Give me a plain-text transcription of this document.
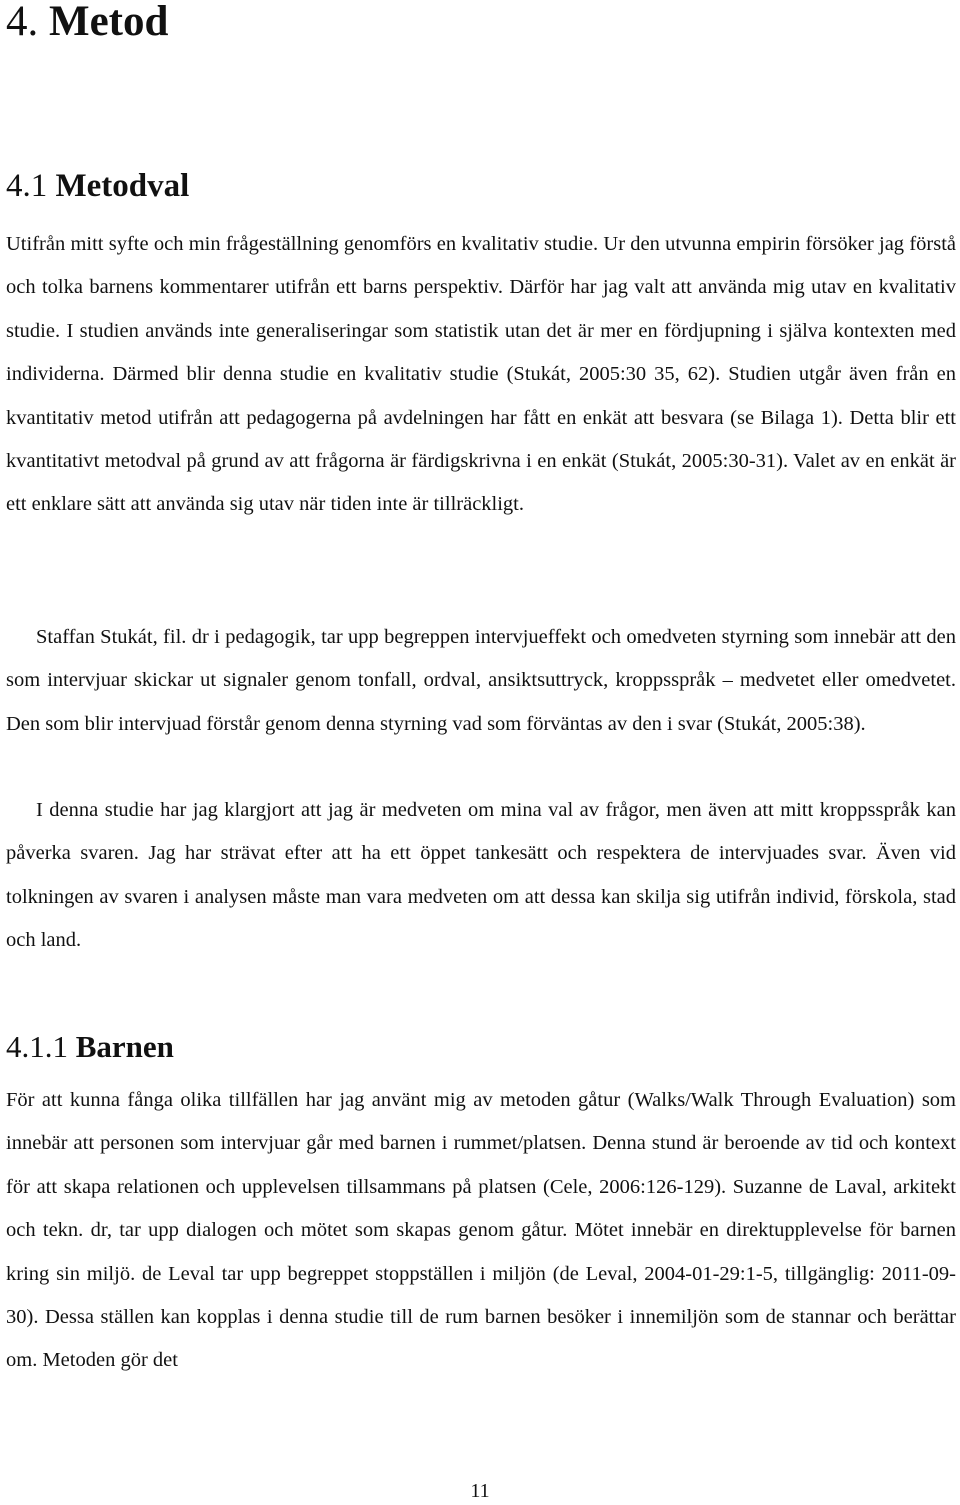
4. Metod
4.1 Metodval

Utifrån mitt syfte och min frågeställning genomförs en kvalitativ studie. Ur den utvunna empirin försöker jag förstå och tolka barnens kommentarer utifrån ett barns perspektiv. Därför har jag valt att använda mig utav en kvalitativ studie. I studien används inte generaliseringar som statistik utan det är mer en fördjupning i själva kontexten med individerna. Därmed blir denna studie en kvalitativ studie (Stukát, 2005:30 35, 62). Studien utgår även från en kvantitativ metod utifrån att pedagogerna på avdelningen har fått en enkät att besvara (se Bilaga 1). Detta blir ett kvantitativt metodval på grund av att frågorna är färdigskrivna i en enkät (Stukát, 2005:30-31). Valet av en enkät är ett enklare sätt att använda sig utav när tiden inte är tillräckligt.

Staffan Stukát, fil. dr i pedagogik, tar upp begreppen intervjueffekt och omedveten styrning som innebär att den som intervjuar skickar ut signaler genom tonfall, ordval, ansiktsuttryck, kroppsspråk – medvetet eller omedvetet. Den som blir intervjuad förstår genom denna styrning vad som förväntas av den i svar (Stukát, 2005:38).

I denna studie har jag klargjort att jag är medveten om mina val av frågor, men även att mitt kroppsspråk kan påverka svaren. Jag har strävat efter att ha ett öppet tankesätt och respektera de intervjuades svar. Även vid tolkningen av svaren i analysen måste man vara medveten om att dessa kan skilja sig utifrån individ, förskola, stad och land.

4.1.1 Barnen

För att kunna fånga olika tillfällen har jag använt mig av metoden gåtur (Walks/Walk Through Evaluation) som innebär att personen som intervjuar går med barnen i rummet/platsen. Denna stund är beroende av tid och kontext för att skapa relationen och upplevelsen tillsammans på platsen (Cele, 2006:126-129). Suzanne de Laval, arkitekt och tekn. dr, tar upp dialogen och mötet som skapas genom gåtur. Mötet innebär en direktupplevelse för barnen kring sin miljö. de Leval tar upp begreppet stoppställen i miljön (de Leval, 2004-01-29:1-5, tillgänglig: 2011-09-30). Dessa ställen kan kopplas i denna studie till de rum barnen besöker i innemiljön som de stannar och berättar om. Metoden gör det

11
